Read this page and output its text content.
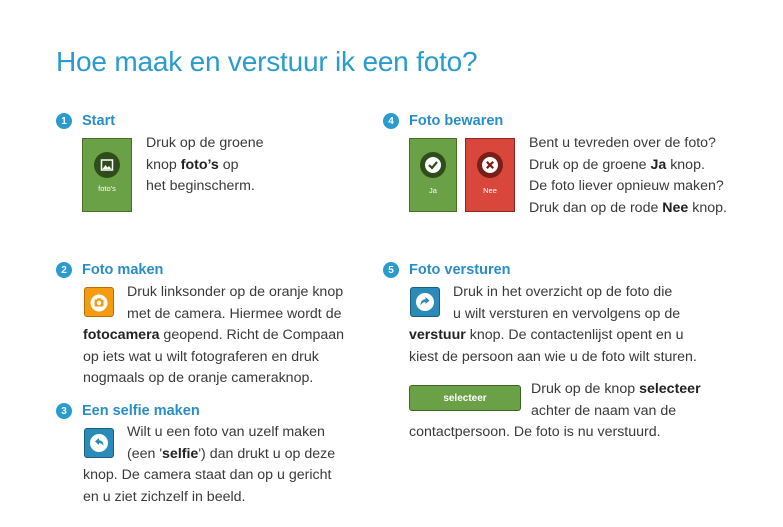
Hoe maak en verstuur ik een foto?
1	Start
foto's
Druk op de groene
knop foto’s op
het beginscherm.
2	Foto maken
Druk linksonder op de oranje knop
met de camera. Hiermee wordt de
fotocamera geopend. Richt de Compaan
op iets wat u wilt fotograferen en druk
nogmaals op de oranje cameraknop.
3	Een selfie maken
Wilt u een foto van uzelf maken
(een 'selfie') dan drukt u op deze
knop. De camera staat dan op u gericht
en u ziet zichzelf in beeld.
4	Foto bewaren
Ja	Nee
Bent u tevreden over de foto?
Druk op de groene Ja knop.
De foto liever opnieuw maken?
Druk dan op de rode Nee knop.
5	Foto versturen
Druk in het overzicht op de foto die
u wilt versturen en vervolgens op de
verstuur knop. De contactenlijst opent en u
kiest de persoon aan wie u de foto wilt sturen.
selecteer
Druk op de knop selecteer
achter de naam van de
contactpersoon. De foto is nu verstuurd.
